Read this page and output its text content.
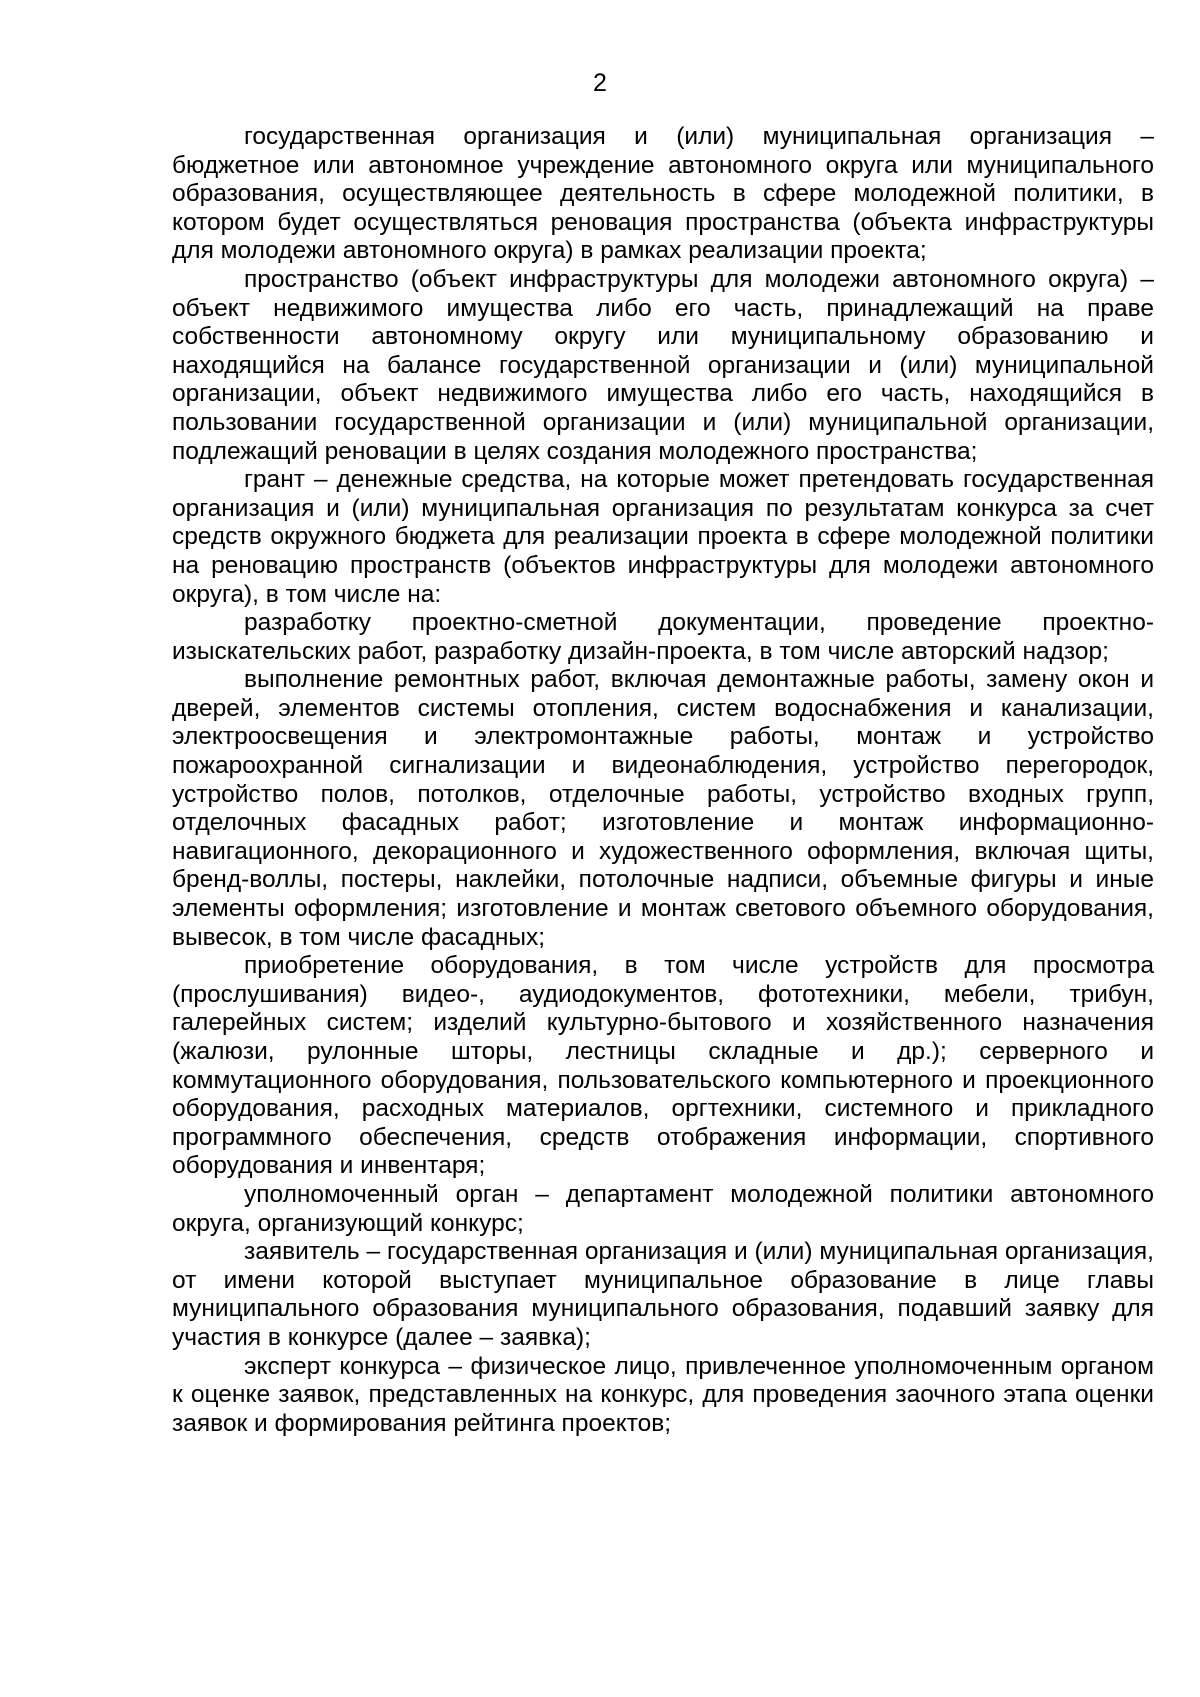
2

государственная организация и (или) муниципальная организация – бюджетное или автономное учреждение автономного округа или муниципального образования, осуществляющее деятельность в сфере молодежной политики, в котором будет осуществляться реновация пространства (объекта инфраструктуры для молодежи автономного округа) в рамках реализации проекта;

пространство (объект инфраструктуры для молодежи автономного округа) – объект недвижимого имущества либо его часть, принадлежащий на праве собственности автономному округу или муниципальному образованию и находящийся на балансе государственной организации и (или) муниципальной организации, объект недвижимого имущества либо его часть, находящийся в пользовании государственной организации и (или) муниципальной организации, подлежащий реновации в целях создания молодежного пространства;

грант – денежные средства, на которые может претендовать государственная организация и (или) муниципальная организация по результатам конкурса за счет средств окружного бюджета для реализации проекта в сфере молодежной политики на реновацию пространств (объектов инфраструктуры для молодежи автономного округа), в том числе на:

разработку проектно-сметной документации, проведение проектно-изыскательских работ, разработку дизайн-проекта, в том числе авторский надзор;

выполнение ремонтных работ, включая демонтажные работы, замену окон и дверей, элементов системы отопления, систем водоснабжения и канализации, электроосвещения и электромонтажные работы, монтаж и устройство пожароохранной сигнализации и видеонаблюдения, устройство перегородок, устройство полов, потолков, отделочные работы, устройство входных групп, отделочных фасадных работ; изготовление и монтаж информационно-навигационного, декорационного и художественного оформления, включая щиты, бренд-воллы, постеры, наклейки, потолочные надписи, объемные фигуры и иные элементы оформления; изготовление и монтаж светового объемного оборудования, вывесок, в том числе фасадных;

приобретение оборудования, в том числе устройств для просмотра (прослушивания) видео-, аудиодокументов, фототехники, мебели, трибун, галерейных систем; изделий культурно-бытового и хозяйственного назначения (жалюзи, рулонные шторы, лестницы складные и др.); серверного и коммутационного оборудования, пользовательского компьютерного и проекционного оборудования, расходных материалов, оргтехники, системного и прикладного программного обеспечения, средств отображения информации, спортивного оборудования и инвентаря;

уполномоченный орган – департамент молодежной политики автономного округа, организующий конкурс;

заявитель – государственная организация и (или) муниципальная организация, от имени которой выступает муниципальное образование в лице главы муниципального образования муниципального образования, подавший заявку для участия в конкурсе (далее – заявка);

эксперт конкурса – физическое лицо, привлеченное уполномоченным органом к оценке заявок, представленных на конкурс, для проведения заочного этапа оценки заявок и формирования рейтинга проектов;
